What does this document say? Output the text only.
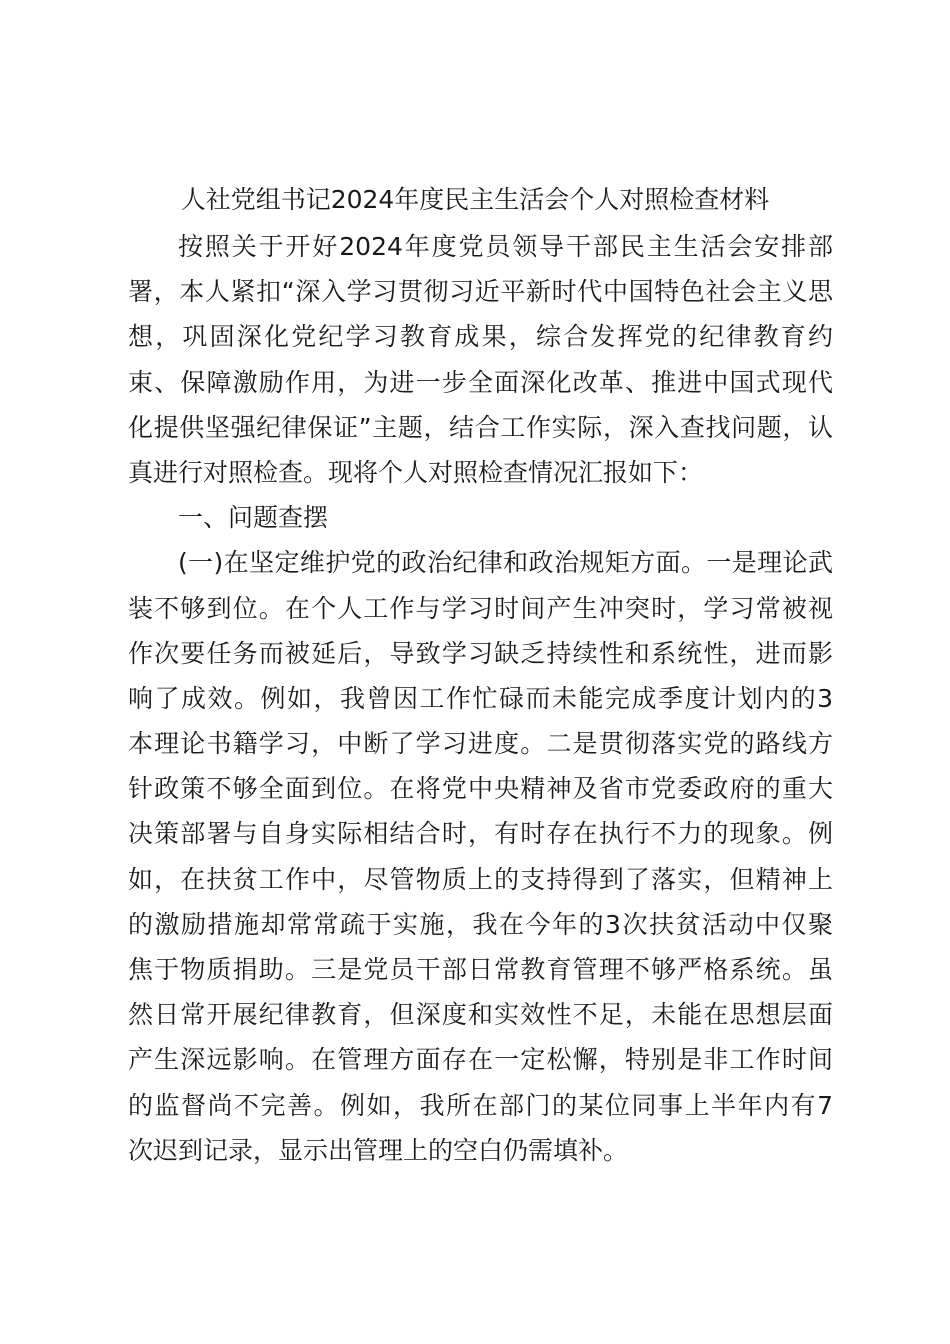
人社党组书记2024年度民主生活会个人对照检查材料
按照关于开好2024年度党员领导干部民主生活会安排部
署，本人紧扣“深入学习贯彻习近平新时代中国特色社会主义思
想，巩固深化党纪学习教育成果，综合发挥党的纪律教育约
束、保障激励作用，为进一步全面深化改革、推进中国式现代
化提供坚强纪律保证”主题，结合工作实际，深入查找问题，认
真进行对照检查。现将个人对照检查情况汇报如下：
一、问题查摆
(一)在坚定维护党的政治纪律和政治规矩方面。一是理论武
装不够到位。在个人工作与学习时间产生冲突时，学习常被视
作次要任务而被延后，导致学习缺乏持续性和系统性，进而影
响了成效。例如，我曾因工作忙碌而未能完成季度计划内的3
本理论书籍学习，中断了学习进度。二是贯彻落实党的路线方
针政策不够全面到位。在将党中央精神及省市党委政府的重大
决策部署与自身实际相结合时，有时存在执行不力的现象。例
如，在扶贫工作中，尽管物质上的支持得到了落实，但精神上
的激励措施却常常疏于实施，我在今年的3次扶贫活动中仅聚
焦于物质捐助。三是党员干部日常教育管理不够严格系统。虽
然日常开展纪律教育，但深度和实效性不足，未能在思想层面
产生深远影响。在管理方面存在一定松懈，特别是非工作时间
的监督尚不完善。例如，我所在部门的某位同事上半年内有7
次迟到记录，显示出管理上的空白仍需填补。
